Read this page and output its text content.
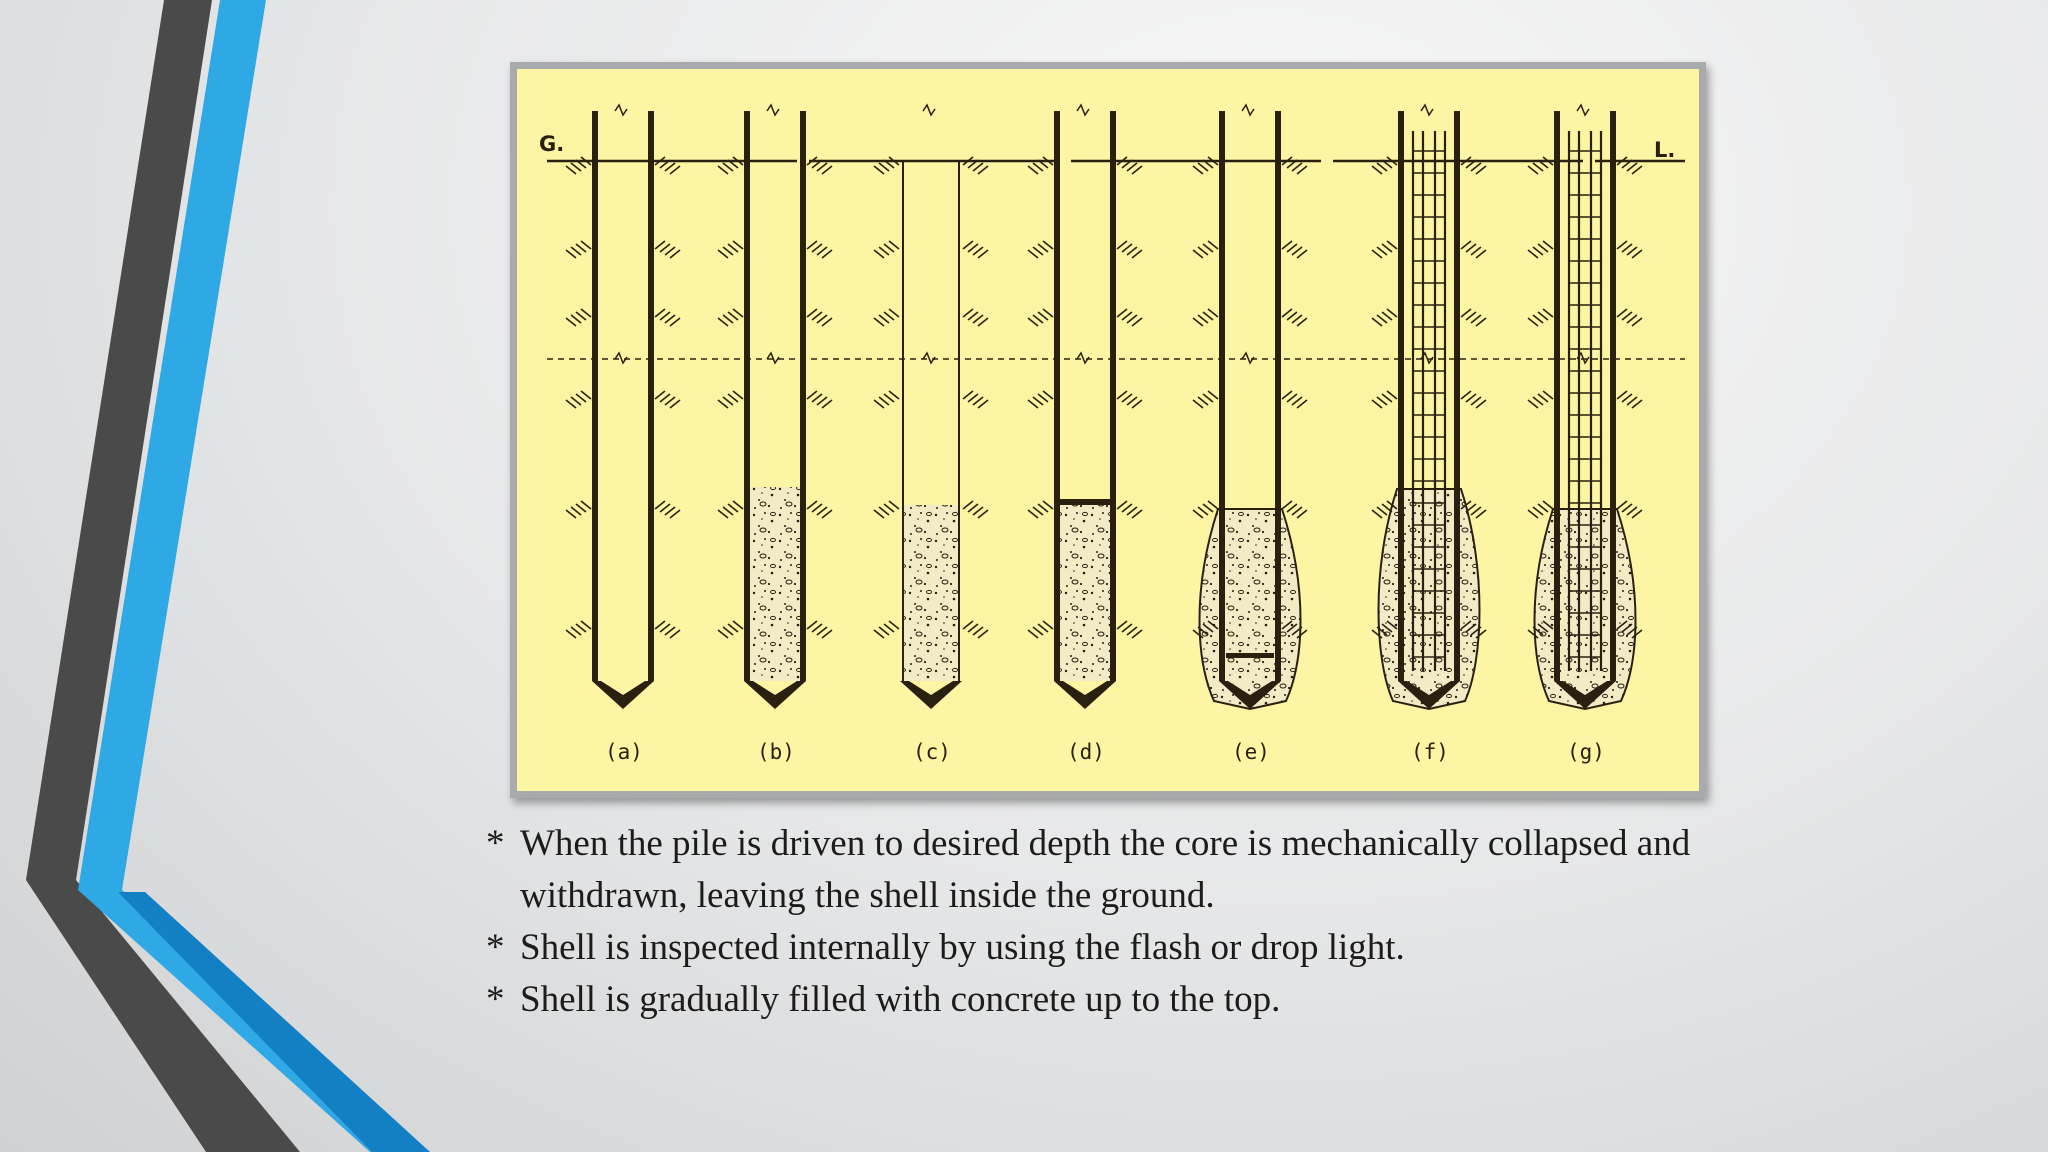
G.	L.
(a)	(b)	(c)	(d)	(e)	(f)	(g)
* When the pile is driven to desired depth the core is mechanically collapsed and withdrawn, leaving the shell inside the ground.
* Shell is inspected internally by using the flash or drop light.
* Shell is gradually filled with concrete up to the top.
